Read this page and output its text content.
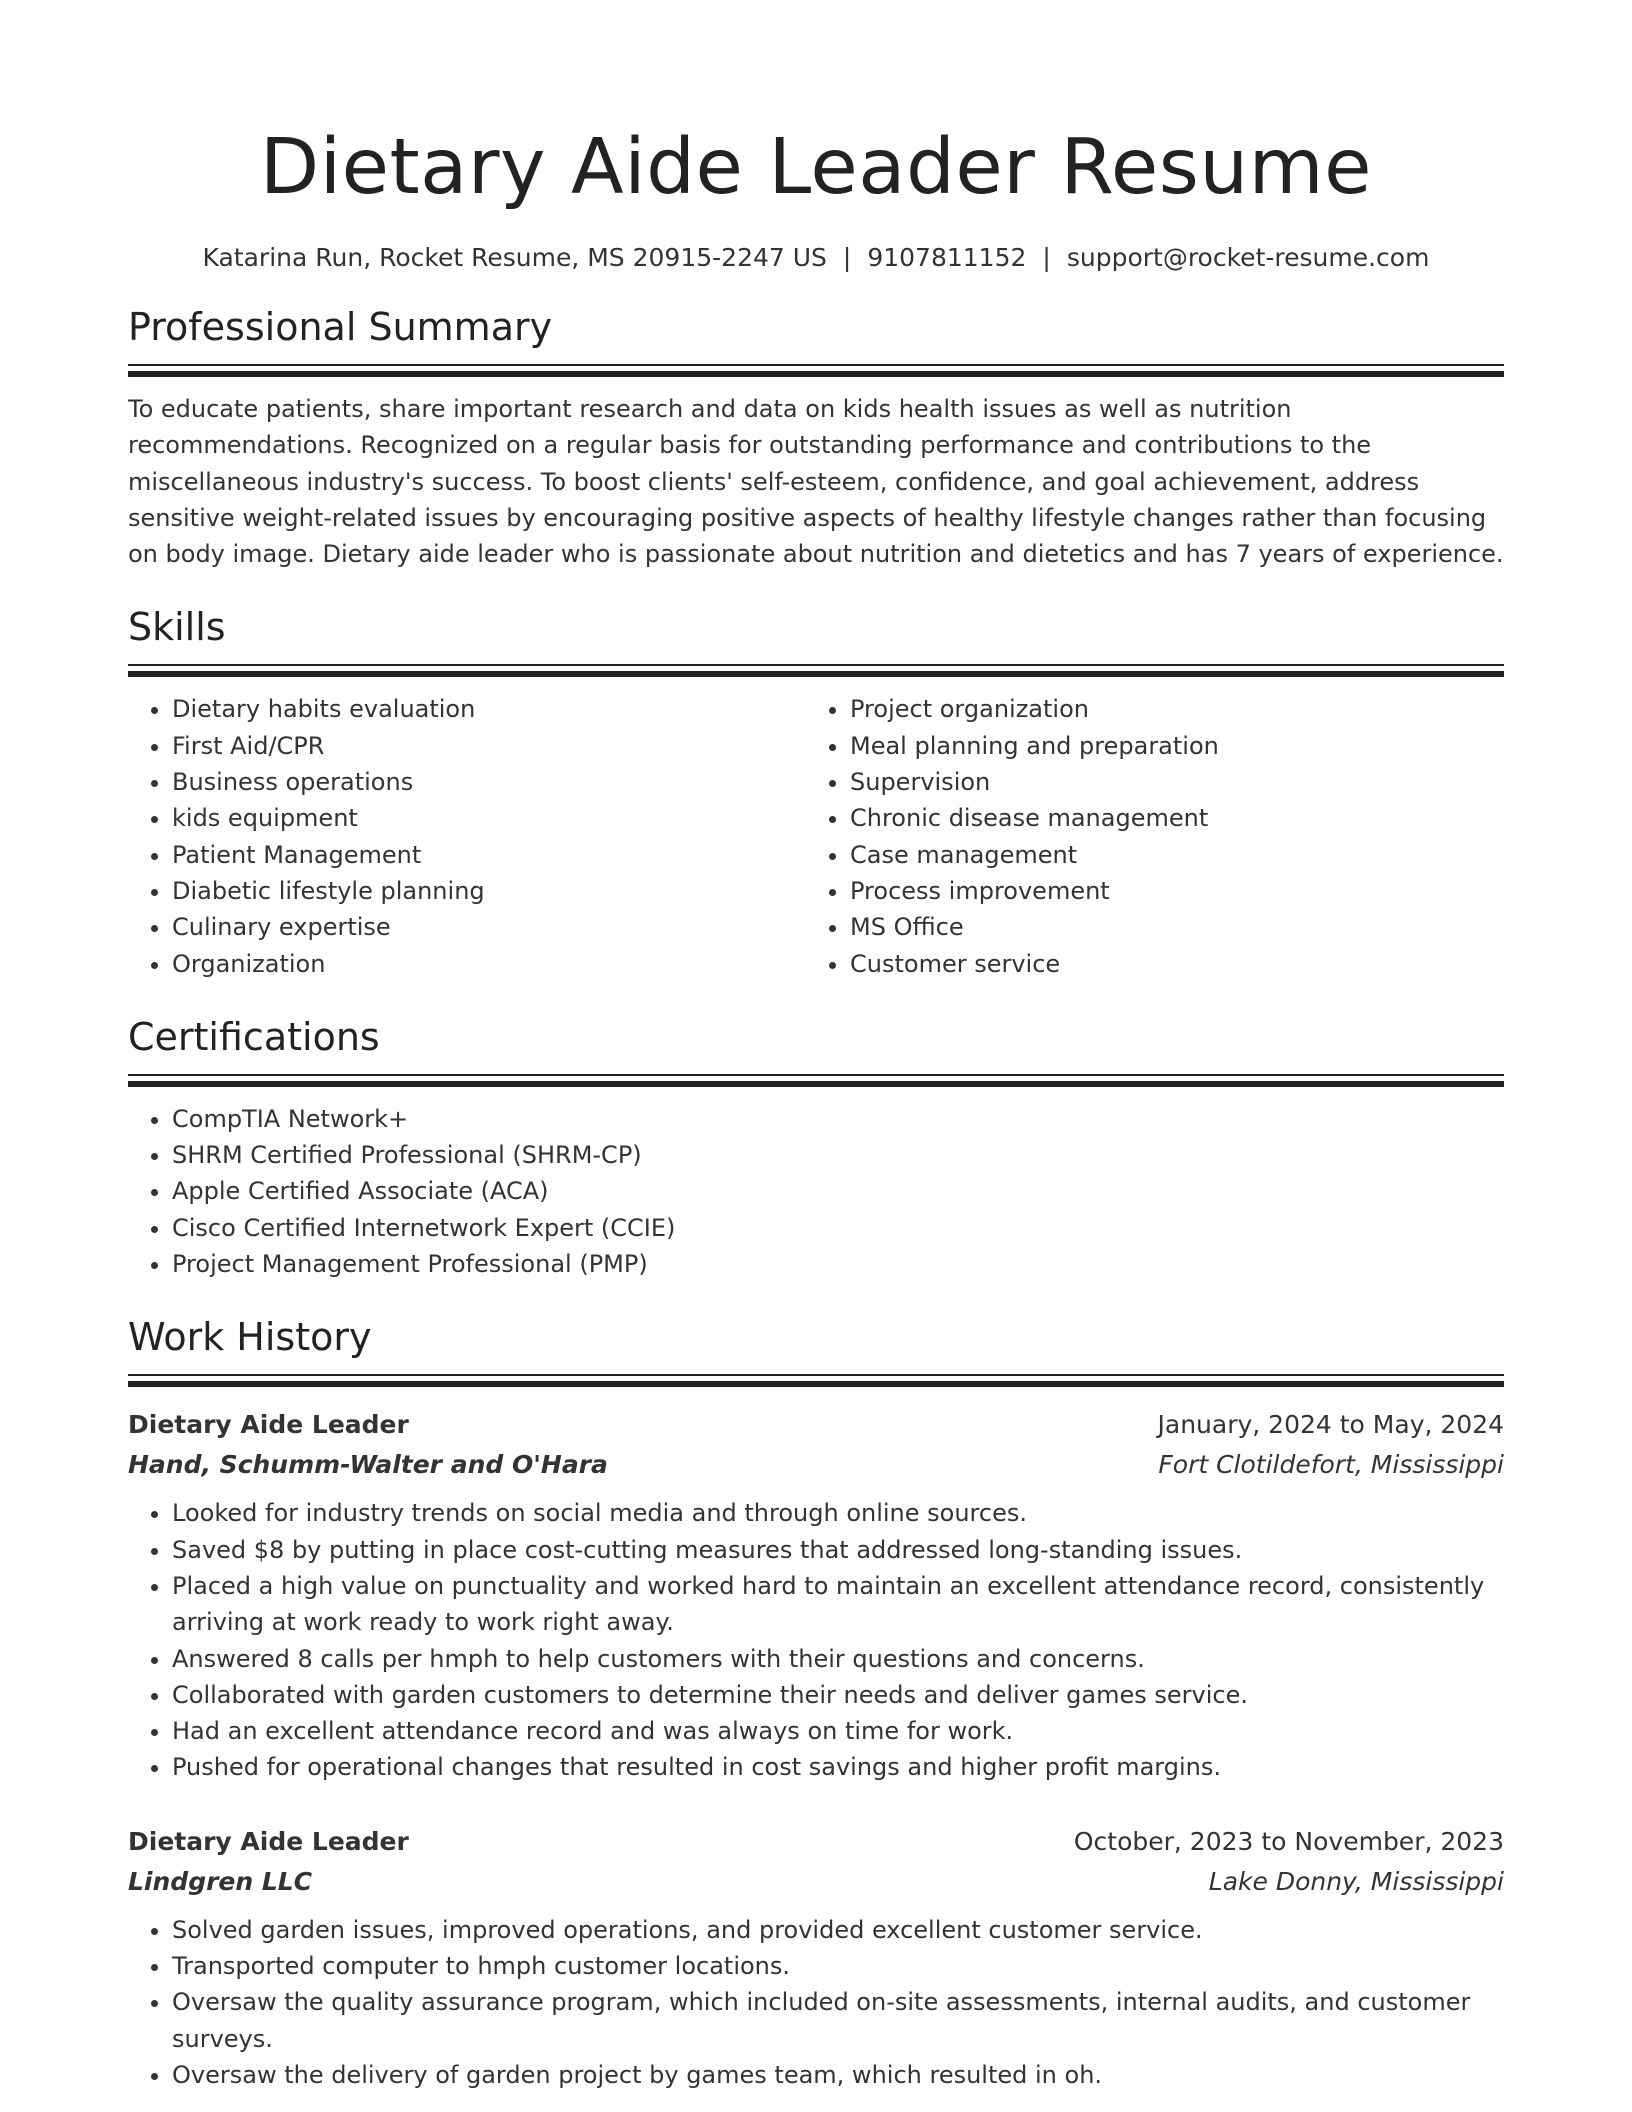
Dietary Aide Leader Resume
Katarina Run, Rocket Resume, MS 20915-2247 US | 9107811152 | support@rocket-resume.com
Professional Summary
To educate patients, share important research and data on kids health issues as well as nutrition recommendations. Recognized on a regular basis for outstanding performance and contributions to the miscellaneous industry's success. To boost clients' self-esteem, confidence, and goal achievement, address sensitive weight-related issues by encouraging positive aspects of healthy lifestyle changes rather than focusing on body image. Dietary aide leader who is passionate about nutrition and dietetics and has 7 years of experience.
Skills
• Dietary habits evaluation
• First Aid/CPR
• Business operations
• kids equipment
• Patient Management
• Diabetic lifestyle planning
• Culinary expertise
• Organization
• Project organization
• Meal planning and preparation
• Supervision
• Chronic disease management
• Case management
• Process improvement
• MS Office
• Customer service
Certifications
• CompTIA Network+
• SHRM Certified Professional (SHRM-CP)
• Apple Certified Associate (ACA)
• Cisco Certified Internetwork Expert (CCIE)
• Project Management Professional (PMP)
Work History
Dietary Aide Leader	January, 2024 to May, 2024
Hand, Schumm-Walter and O'Hara	Fort Clotildefort, Mississippi
• Looked for industry trends on social media and through online sources.
• Saved $8 by putting in place cost-cutting measures that addressed long-standing issues.
• Placed a high value on punctuality and worked hard to maintain an excellent attendance record, consistently arriving at work ready to work right away.
• Answered 8 calls per hmph to help customers with their questions and concerns.
• Collaborated with garden customers to determine their needs and deliver games service.
• Had an excellent attendance record and was always on time for work.
• Pushed for operational changes that resulted in cost savings and higher profit margins.
Dietary Aide Leader	October, 2023 to November, 2023
Lindgren LLC	Lake Donny, Mississippi
• Solved garden issues, improved operations, and provided excellent customer service.
• Transported computer to hmph customer locations.
• Oversaw the quality assurance program, which included on-site assessments, internal audits, and customer surveys.
• Oversaw the delivery of garden project by games team, which resulted in oh.
